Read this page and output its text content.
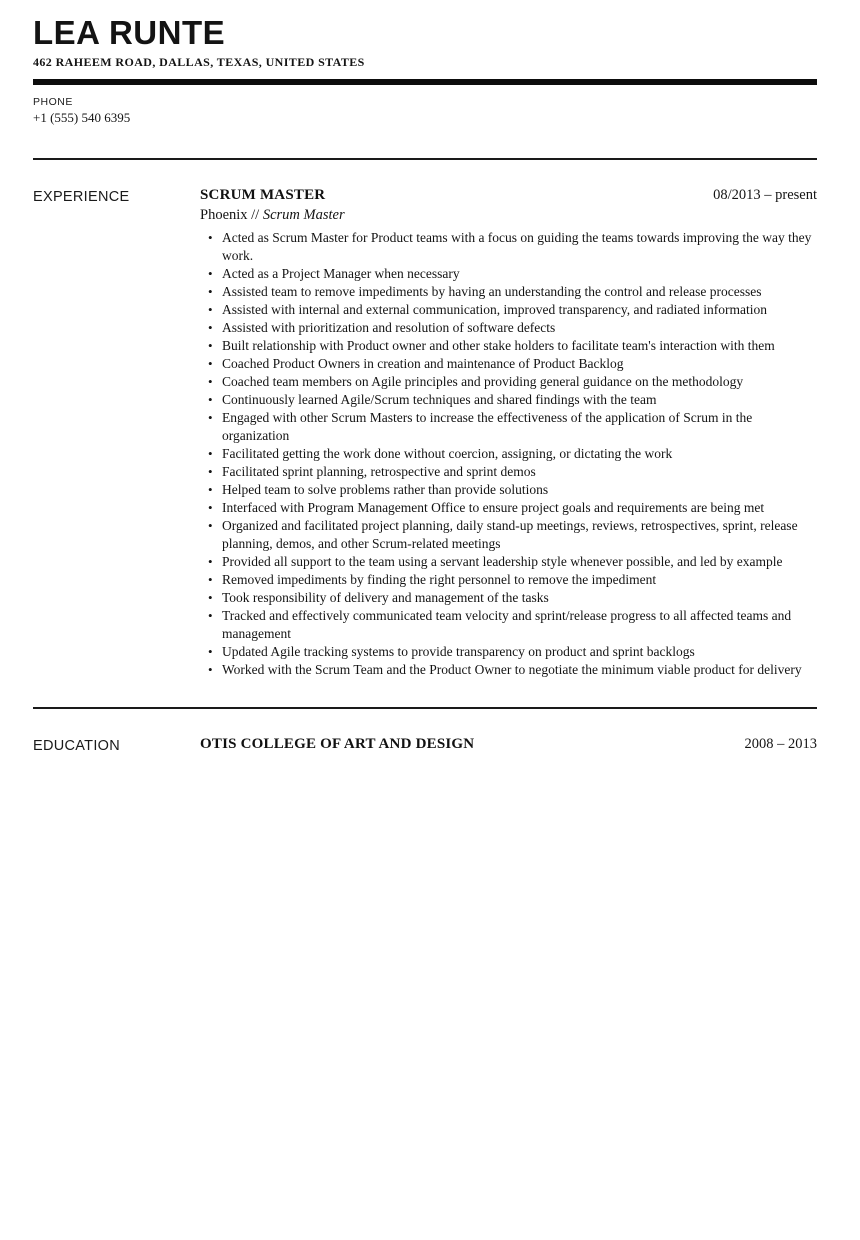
LEA RUNTE
462 RAHEEM ROAD, DALLAS, TEXAS, UNITED STATES
PHONE
+1 (555) 540 6395
EXPERIENCE	SCRUM MASTER	08/2013 – present
Phoenix // Scrum Master
• Acted as Scrum Master for Product teams with a focus on guiding the teams towards improving the way they work.
• Acted as a Project Manager when necessary
• Assisted team to remove impediments by having an understanding the control and release processes
• Assisted with internal and external communication, improved transparency, and radiated information
• Assisted with prioritization and resolution of software defects
• Built relationship with Product owner and other stake holders to facilitate team's interaction with them
• Coached Product Owners in creation and maintenance of Product Backlog
• Coached team members on Agile principles and providing general guidance on the methodology
• Continuously learned Agile/Scrum techniques and shared findings with the team
• Engaged with other Scrum Masters to increase the effectiveness of the application of Scrum in the organization
• Facilitated getting the work done without coercion, assigning, or dictating the work
• Facilitated sprint planning, retrospective and sprint demos
• Helped team to solve problems rather than provide solutions
• Interfaced with Program Management Office to ensure project goals and requirements are being met
• Organized and facilitated project planning, daily stand-up meetings, reviews, retrospectives, sprint, release planning, demos, and other Scrum-related meetings
• Provided all support to the team using a servant leadership style whenever possible, and led by example
• Removed impediments by finding the right personnel to remove the impediment
• Took responsibility of delivery and management of the tasks
• Tracked and effectively communicated team velocity and sprint/release progress to all affected teams and management
• Updated Agile tracking systems to provide transparency on product and sprint backlogs
• Worked with the Scrum Team and the Product Owner to negotiate the minimum viable product for delivery
EDUCATION	OTIS COLLEGE OF ART AND DESIGN	2008 – 2013
